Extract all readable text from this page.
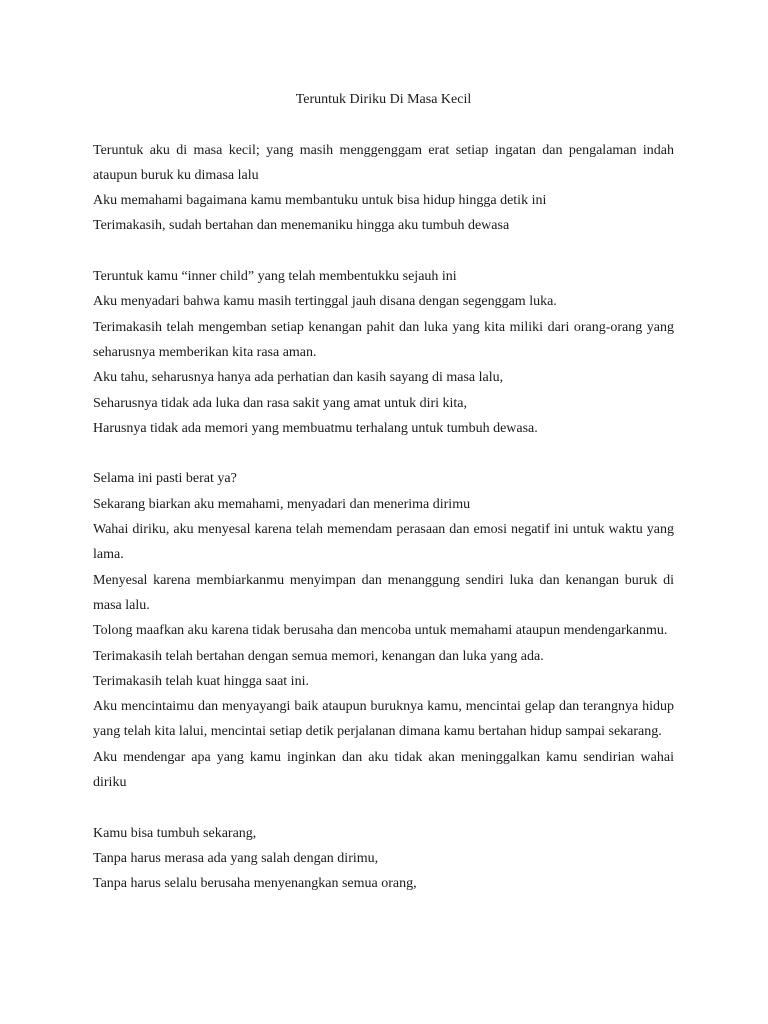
Teruntuk Diriku Di Masa Kecil

Teruntuk aku di masa kecil; yang masih menggenggam erat setiap ingatan dan pengalaman indah ataupun buruk ku dimasa lalu

Aku memahami bagaimana kamu membantuku untuk bisa hidup hingga detik ini

Terimakasih, sudah bertahan dan menemaniku hingga aku tumbuh dewasa

Teruntuk kamu “inner child” yang telah membentukku sejauh ini

Aku menyadari bahwa kamu masih tertinggal jauh disana dengan segenggam luka.

Terimakasih telah mengemban setiap kenangan pahit dan luka yang kita miliki dari orang-orang yang seharusnya memberikan kita rasa aman.

Aku tahu, seharusnya hanya ada perhatian dan kasih sayang di masa lalu,

Seharusnya tidak ada luka dan rasa sakit yang amat untuk diri kita,

Harusnya tidak ada memori yang membuatmu terhalang untuk tumbuh dewasa.

Selama ini pasti berat ya?

Sekarang biarkan aku memahami, menyadari dan menerima dirimu

Wahai diriku, aku menyesal karena telah memendam perasaan dan emosi negatif ini untuk waktu yang lama.

Menyesal karena membiarkanmu menyimpan dan menanggung sendiri luka dan kenangan buruk di masa lalu.

Tolong maafkan aku karena tidak berusaha dan mencoba untuk memahami ataupun mendengarkanmu.

Terimakasih telah bertahan dengan semua memori, kenangan dan luka yang ada.

Terimakasih telah kuat hingga saat ini.

Aku mencintaimu dan menyayangi baik ataupun buruknya kamu, mencintai gelap dan terangnya hidup yang telah kita lalui, mencintai setiap detik perjalanan dimana kamu bertahan hidup sampai sekarang.

Aku mendengar apa yang kamu inginkan dan aku tidak akan meninggalkan kamu sendirian wahai diriku

Kamu bisa tumbuh sekarang,

Tanpa harus merasa ada yang salah dengan dirimu,

Tanpa harus selalu berusaha menyenangkan semua orang,
